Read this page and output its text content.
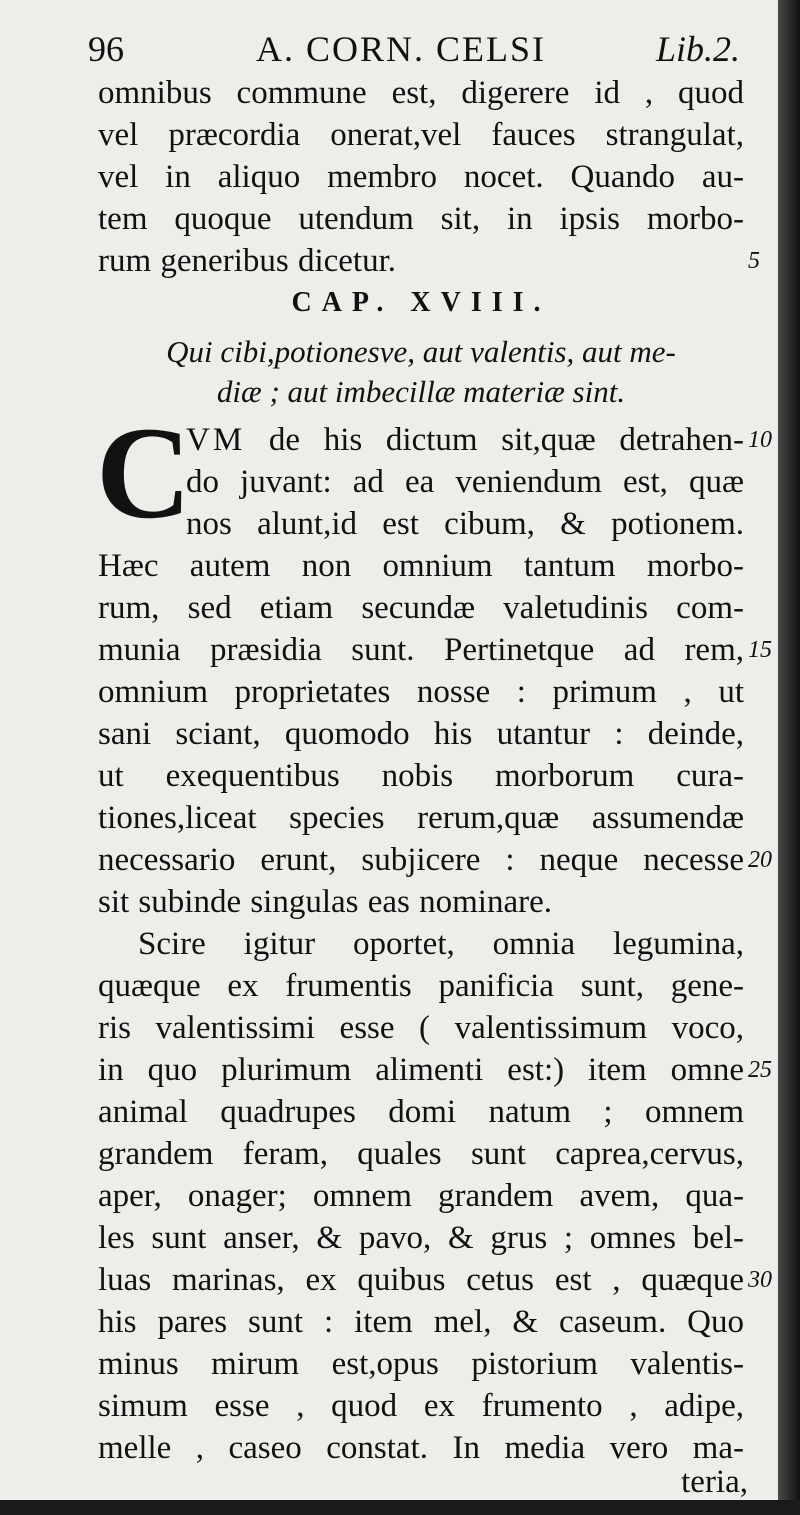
96	A. CORN. CELSI	Lib.2.
omnibus commune est, digerere id , quod
vel præcordia onerat,vel fauces strangulat,
vel in aliquo membro nocet. Quando au-
tem quoque utendum sit, in ipsis morbo-
rum generibus dicetur.	5
CAP. XVIII.
Qui cibi,potionesve, aut valentis, aut me-
diæ ; aut imbecillæ materiæ sint.
C
VM de his dictum sit,quæ detrahen- 10
do juvant: ad ea veniendum est, quæ
nos alunt,id est cibum, & potionem.
Hæc autem non omnium tantum morbo-
rum, sed etiam secundæ valetudinis com-
munia præsidia sunt. Pertinetque ad rem, 15
omnium proprietates nosse : primum , ut
sani sciant, quomodo his utantur : deinde,
ut exequentibus nobis morborum cura-
tiones,liceat species rerum,quæ assumendæ
necessario erunt, subjicere : neque necesse 20
sit subinde singulas eas nominare.
Scire igitur oportet, omnia legumina,
quæque ex frumentis panificia sunt, gene-
ris valentissimi esse ( valentissimum voco,
in quo plurimum alimenti est:) item omne 25
animal quadrupes domi natum ; omnem
grandem feram, quales sunt caprea,cervus,
aper, onager; omnem grandem avem, qua-
les sunt anser, & pavo, & grus ; omnes bel-
luas marinas, ex quibus cetus est , quæque 30
his pares sunt : item mel, & caseum. Quo
minus mirum est,opus pistorium valentis-
simum esse , quod ex frumento , adipe,
melle , caseo constat. In media vero ma-
teria,
